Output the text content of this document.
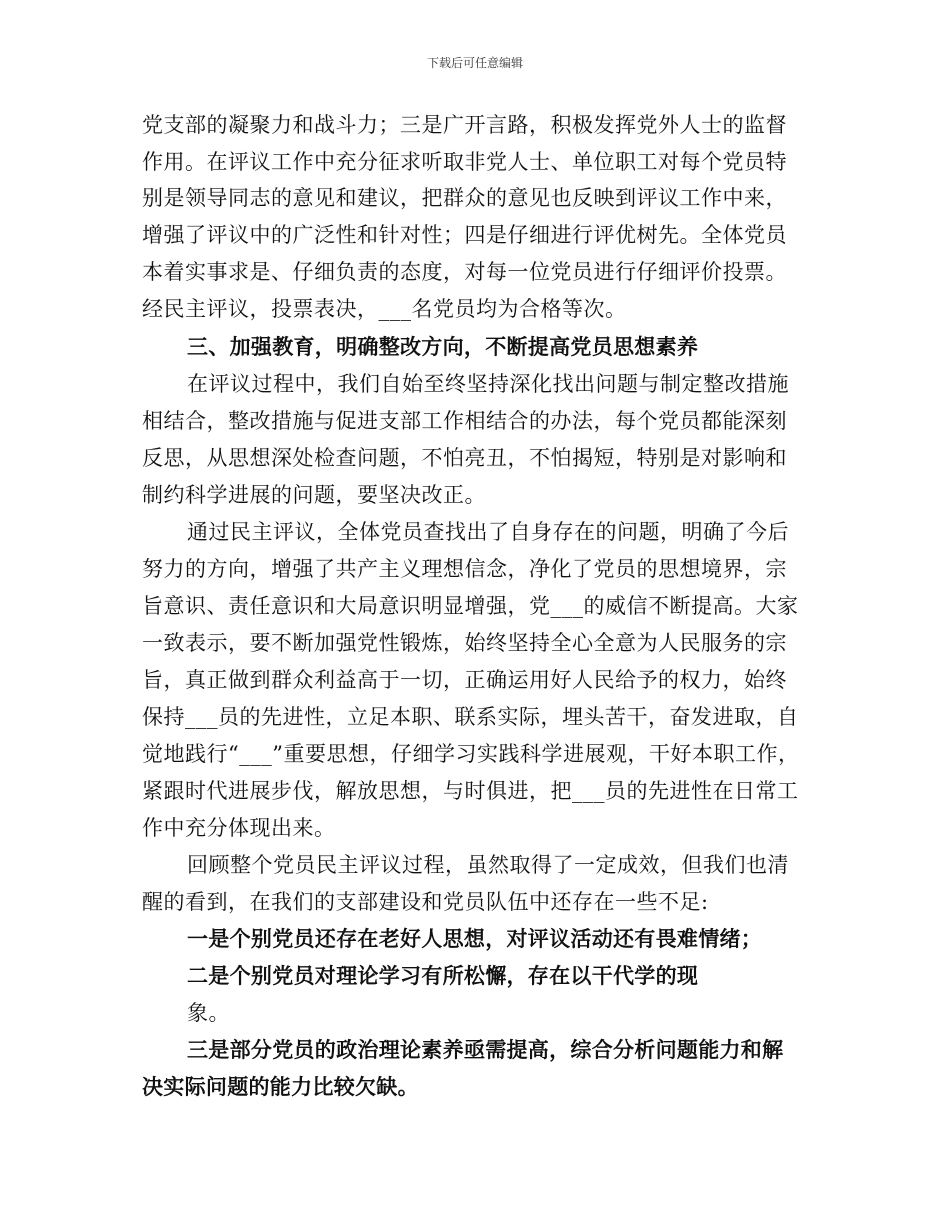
下载后可任意编辑
党支部的凝聚力和战斗力；三是广开言路，积极发挥党外人士的监督
作用。在评议工作中充分征求听取非党人士、单位职工对每个党员特
别是领导同志的意见和建议，把群众的意见也反映到评议工作中来，
增强了评议中的广泛性和针对性；四是仔细进行评优树先。全体党员
本着实事求是、仔细负责的态度，对每一位党员进行仔细评价投票。
经民主评议，投票表决，___名党员均为合格等次。
三、加强教育，明确整改方向，不断提高党员思想素养
在评议过程中，我们自始至终坚持深化找出问题与制定整改措施
相结合，整改措施与促进支部工作相结合的办法，每个党员都能深刻
反思，从思想深处检查问题，不怕亮丑，不怕揭短，特别是对影响和
制约科学进展的问题，要坚决改正。
通过民主评议，全体党员查找出了自身存在的问题，明确了今后
努力的方向，增强了共产主义理想信念，净化了党员的思想境界，宗
旨意识、责任意识和大局意识明显增强，党___的威信不断提高。大家
一致表示，要不断加强党性锻炼，始终坚持全心全意为人民服务的宗
旨，真正做到群众利益高于一切，正确运用好人民给予的权力，始终
保持___员的先进性，立足本职、联系实际，埋头苦干，奋发进取，自
觉地践行“___”重要思想，仔细学习实践科学进展观，干好本职工作，
紧跟时代进展步伐，解放思想，与时俱进，把___员的先进性在日常工
作中充分体现出来。
回顾整个党员民主评议过程，虽然取得了一定成效，但我们也清
醒的看到，在我们的支部建设和党员队伍中还存在一些不足:
一是个别党员还存在老好人思想，对评议活动还有畏难情绪；
二是个别党员对理论学习有所松懈，存在以干代学的现
象。
三是部分党员的政治理论素养亟需提高，综合分析问题能力和解
决实际问题的能力比较欠缺。
